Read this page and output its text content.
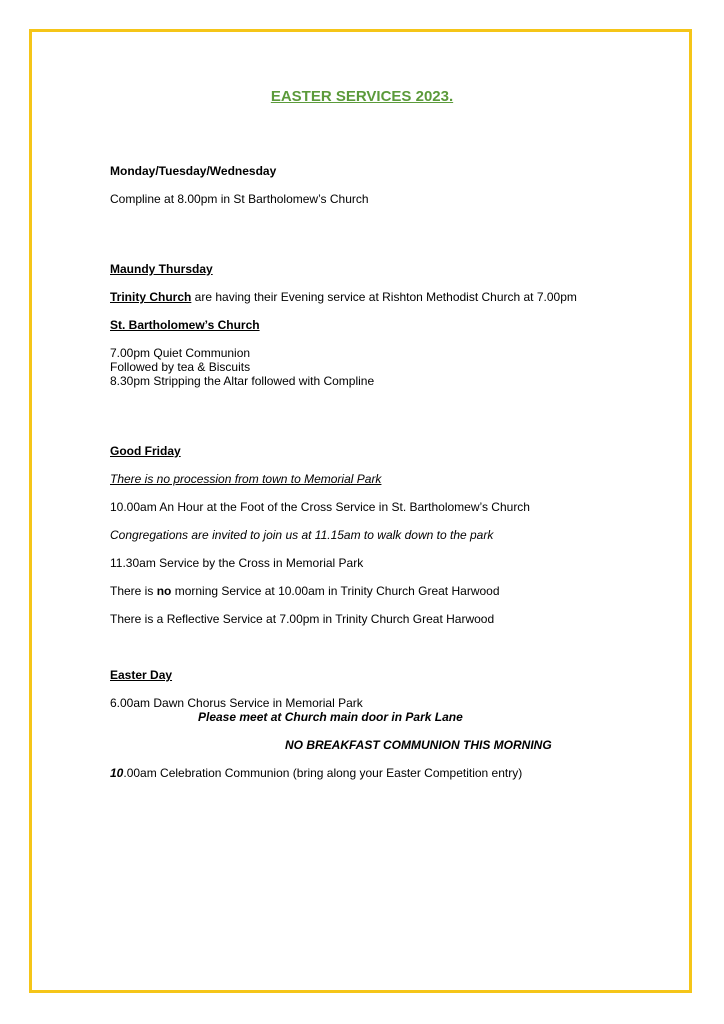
EASTER SERVICES 2023.
Monday/Tuesday/Wednesday
Compline at 8.00pm in St Bartholomew’s Church
Maundy Thursday
Trinity Church are having their Evening service at Rishton Methodist Church at 7.00pm
St. Bartholomew’s Church
7.00pm Quiet Communion
Followed by tea & Biscuits
8.30pm Stripping the Altar followed with Compline
Good Friday
There is no procession from town to Memorial Park
10.00am An Hour at the Foot of the Cross Service in St. Bartholomew’s Church
Congregations are invited to join us at 11.15am to walk down to the park
11.30am Service by the Cross in Memorial Park
There is no morning Service at 10.00am in Trinity Church Great Harwood
There is a Reflective Service at 7.00pm in Trinity Church Great Harwood
Easter Day
6.00am Dawn Chorus Service in Memorial Park
Please meet at Church main door in Park Lane
NO BREAKFAST COMMUNION THIS MORNING
10.00am Celebration Communion (bring along your Easter Competition entry)
